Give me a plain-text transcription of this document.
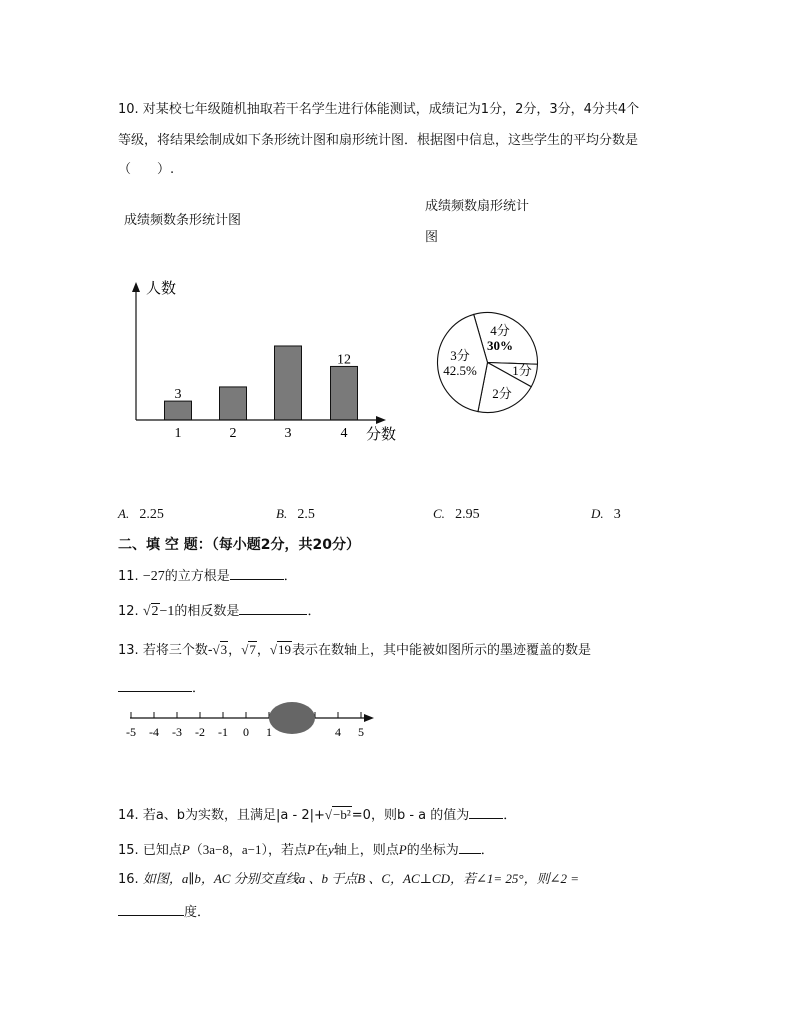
10. 对某校七年级随机抽取若干名学生进行体能测试，成绩记为1分，2分，3分，4分共4个
等级，将结果绘制成如下条形统计图和扇形统计图．根据图中信息，这些学生的平均分数是
（　　）.
成绩频数条形统计图
成绩频数扇形统计
图
1
3
2	3	4
12
人数
分数
4分
30%
1分
2分
3分
42.5%
A. 2.25	B. 2.5	C. 2.95	D. 3
二、填 空 题：（每小题2分，共20分）
11. −27的立方根是	．
12. √2−1的相反数是	．
13. 若将三个数-√3，√7，√19表示在数轴上，其中能被如图所示的墨迹覆盖的数是
．
-5 -4 -3 -2 -1 0 1	4 5
14. 若a、b为实数，且满足|a - 2|+√−b²=0，则b - a 的值为	．
15. 已知点P（3a−8，a−1），若点P在y轴上，则点P的坐标为 ．
16. 如图，a∥b，AC 分别交直线a 、b 于点B 、C，AC⊥CD，若∠1= 25°，则∠2 =
度．
